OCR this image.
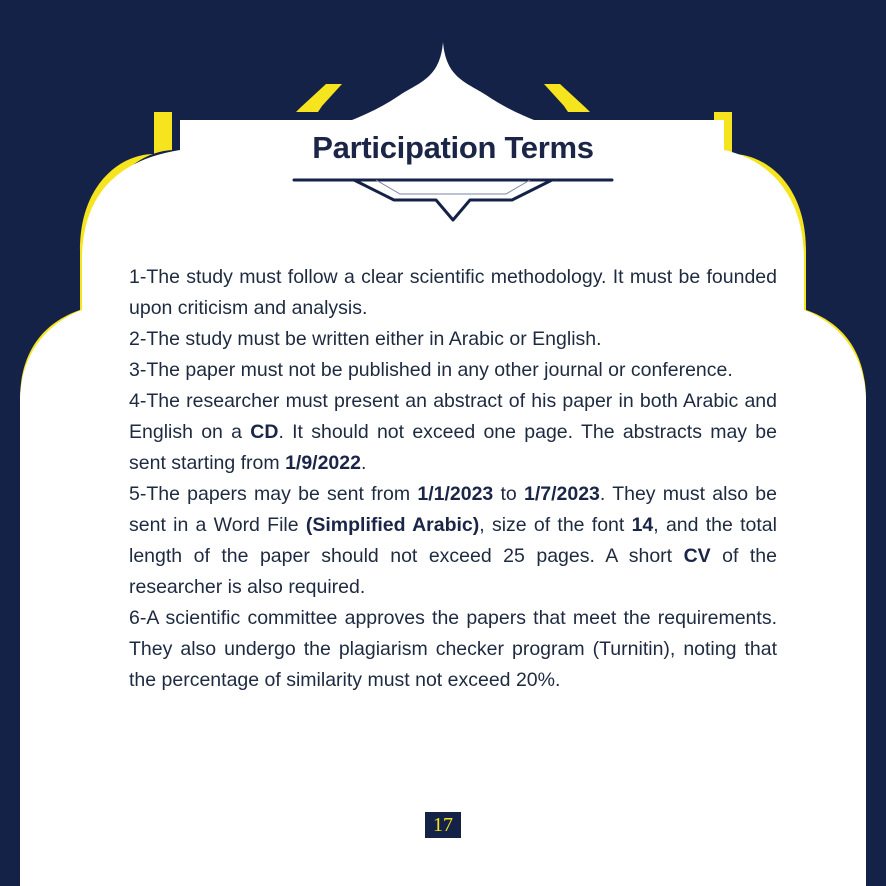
Participation Terms

1-The study must follow a clear scientific methodology. It must be founded upon criticism and analysis.

2-The study must be written either in Arabic or English.

3-The paper must not be published in any other journal or conference.

4-The researcher must present an abstract of his paper in both Arabic and English on a CD. It should not exceed one page. The abstracts may be sent starting from 1/9/2022.

5-The papers may be sent from 1/1/2023 to 1/7/2023. They must also be sent in a Word File (Simplified Arabic), size of the font 14, and the total length of the paper should not exceed 25 pages. A short CV of the researcher is also required.

6-A scientific committee approves the papers that meet the requirements. They also undergo the plagiarism checker program (Turnitin), noting that the percentage of similarity must not exceed 20%.

17
